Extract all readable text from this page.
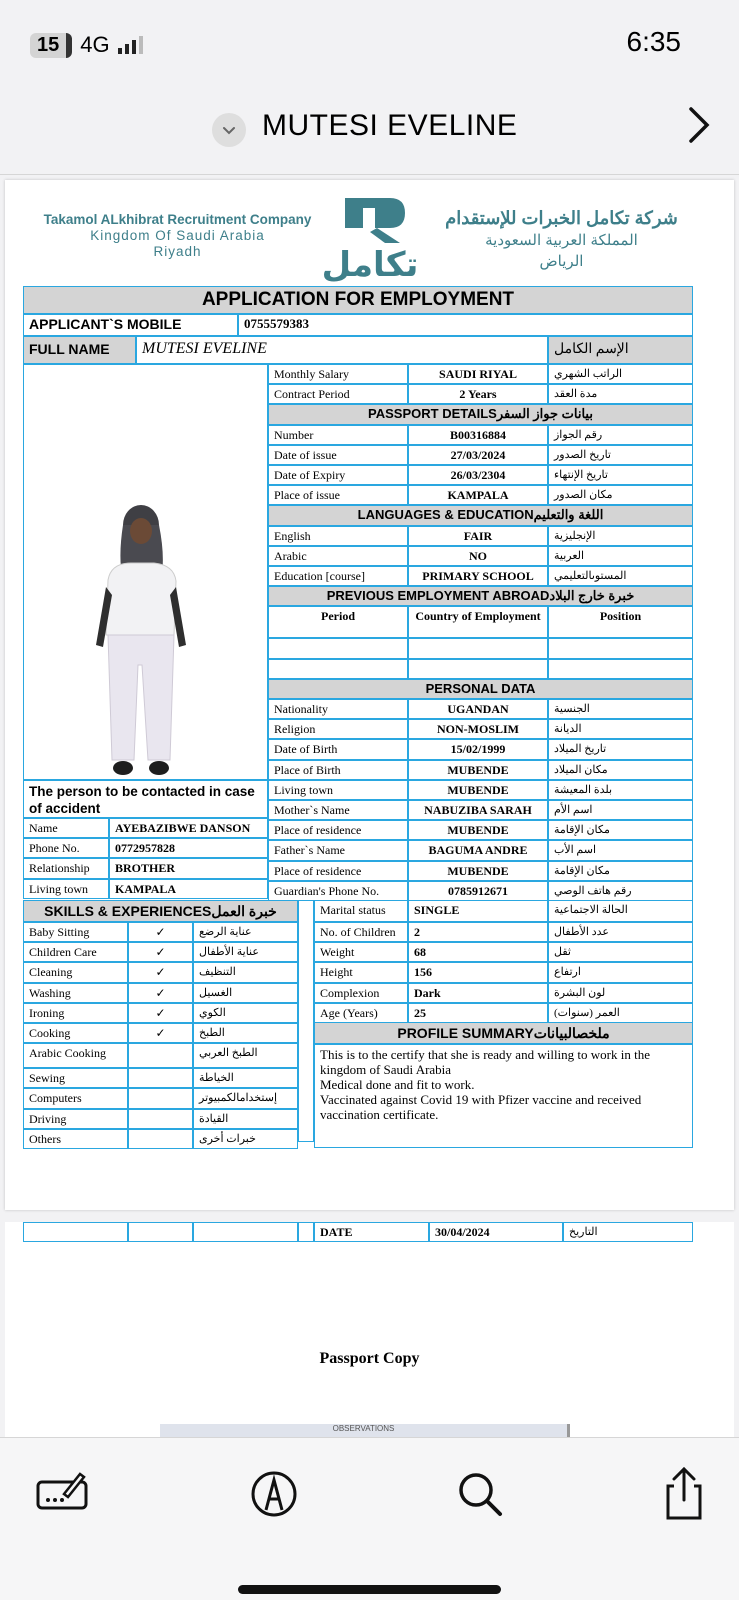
15 4G	6:35
MUTESI EVELINE
Takamol ALkhibrat Recruitment Company
Kingdom Of Saudi Arabia
Riyadh	تكامل
شركة تكامل الخبرات للإستقدام
المملكة العربية السعودية
الرياض
APPLICATION FOR EMPLOYMENT
APPLICANT`S MOBILE	0755579383
FULL NAME	MUTESI EVELINE	الإسم الكامل
The person to be contacted in case of accident
SKILLS & EXPERIENCESخبرة العمل
PROFILE SUMMARYملخصالبيانات
This is to the certify that she is ready and willing to work in the kingdom of Saudi Arabia
Medical done and fit to work.
Vaccinated against Covid 19 with Pfizer vaccine and received vaccination certificate.
Monthly Salary	SAUDI RIYAL	الراتب الشهري
Contract Period	2 Years	مدة العقد
PASSPORT DETAILSبيانات جواز السفر
Number	B00316884	رقم الجواز
Date of issue	27/03/2024	تاريخ الصدور
Date of Expiry	26/03/2304	تاريخ الإنتهاء
Place of issue	KAMPALA	مكان الصدور
LANGUAGES & EDUCATIONاللغة والتعليم
English	FAIR	الإنجليزية
Arabic	NO	العربية
Education [course]	PRIMARY SCHOOL	المستوىالتعليمي
PREVIOUS EMPLOYMENT ABROADخبرة خارج البلاد
Period	Country of Employment	Position
PERSONAL DATA
Nationality	UGANDAN	الجنسية
Religion	NON-MOSLIM	الديانة
Date of Birth	15/02/1999	تاريخ الميلاد
Place of Birth	MUBENDE	مكان الميلاد
Living town	MUBENDE	بلدة المعيشة
Mother`s Name	NABUZIBA SARAH	اسم الأم
Place of residence	MUBENDE	مكان الإقامة
Father`s Name	BAGUMA ANDRE	اسم الأب
Place of residence	MUBENDE	مكان الإقامة
Guardian's Phone No.	0785912671	رقم هاتف الوصي
Name	AYEBAZIBWE DANSON
Phone No.	0772957828
Relationship	BROTHER
Living town	KAMPALA
Baby Sitting	✓	عناية الرضع
Children Care	✓	عناية الأطفال
Cleaning	✓	التنظيف
Washing	✓	الغسيل
Ironing	✓	الكوي
Cooking	✓	الطبخ
Arabic Cooking	الطبخ العربي
Sewing	الخياطة
Computers	إستخدامالكمبيوتر
Driving	القيادة
Others	خبرات أخرى
Marital status	SINGLE	الحالة الاجتماعية
No. of Children	2	عدد الأطفال
Weight	68	ثقل
Height	156	ارتفاع
Complexion	Dark	لون البشرة
Age (Years)	25	العمر (سنوات)
DATE	30/04/2024	التاريخ
Passport Copy
OBSERVATIONS
